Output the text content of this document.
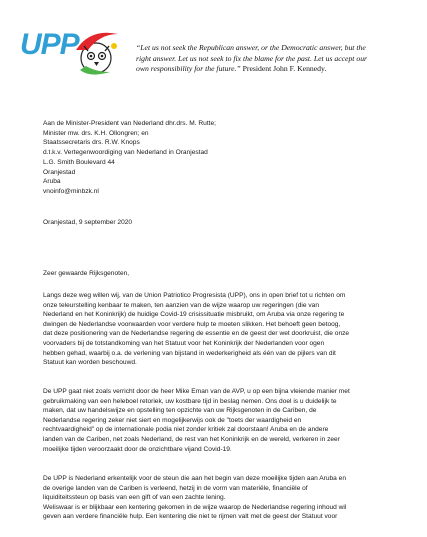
UPP	“Let us not seek the Republican answer, or the Democratic answer, but the
right answer. Let us not seek to fix the blame for the past. Let us accept our
own responsibility for the future.” President John F. Kennedy.
Aan de Minister-President van Nederland dhr.drs. M. Rutte;
Minister mw. drs. K.H. Ollongren; en
Staatssecretaris drs. R.W. Knops
d.t.k.v. Vertegenwoordiging van Nederland in Oranjestad
L.G. Smith Boulevard 44
Oranjestad
Aruba
vnoinfo@minbzk.nl
Oranjestad, 9 september 2020
Zeer gewaarde Rijksgenoten,
Langs deze weg willen wij, van de Union Patriotico Progresista (UPP), ons in open brief tot u richten om
onze teleurstelling kenbaar te maken, ten aanzien van de wijze waarop uw regeringen (die van
Nederland en het Koninkrijk) de huidige Covid-19 crisissituatie misbruikt, om Aruba via onze regering te
dwingen de Nederlandse voorwaarden voor verdere hulp te moeten slikken. Het behoeft geen betoog,
dat deze positionering van de Nederlandse regering de essentie en de geest der wet doorkruist, die onze
voorvaders bij de totstandkoming van het Statuut voor het Koninkrijk der Nederlanden voor ogen
hebben gehad, waarbij o.a. de verlening van bijstand in wederkerigheid als één van de pijlers van dit
Statuut kan worden beschouwd.
De UPP gaat niet zoals verricht door de heer Mike Eman van de AVP, u op een bijna vleiende manier met
gebruikmaking van een heleboel retoriek, uw kostbare tijd in beslag nemen. Ons doel is u duidelijk te
maken, dat uw handelswijze en opstelling ten opzichte van uw Rijksgenoten in de Cariben, de
Nederlandse regering zeker niet siert en mogelijkerwijs ook de "toets der waardigheid en
rechtvaardigheid" op de internationale podia niet zonder kritiek zal doorstaan! Aruba en de andere
landen van de Cariben, net zoals Nederland, de rest van het Koninkrijk en de wereld, verkeren in zeer
moeilijke tijden veroorzaakt door de onzichtbare vijand Covid-19.
De UPP is Nederland erkentelijk voor de steun die aan het begin van deze moeilijke tijden aan Aruba en
de overige landen van de Cariben is verleend, hetzij in de vorm van materiële, financiële of
liquiditeitssteun op basis van een gift of van een zachte lening.
Weliswaar is er blijkbaar een kentering gekomen in de wijze waarop de Nederlandse regering inhoud wil
geven aan verdere financiële hulp. Een kentering die niet te rijmen valt met de geest der Statuut voor
